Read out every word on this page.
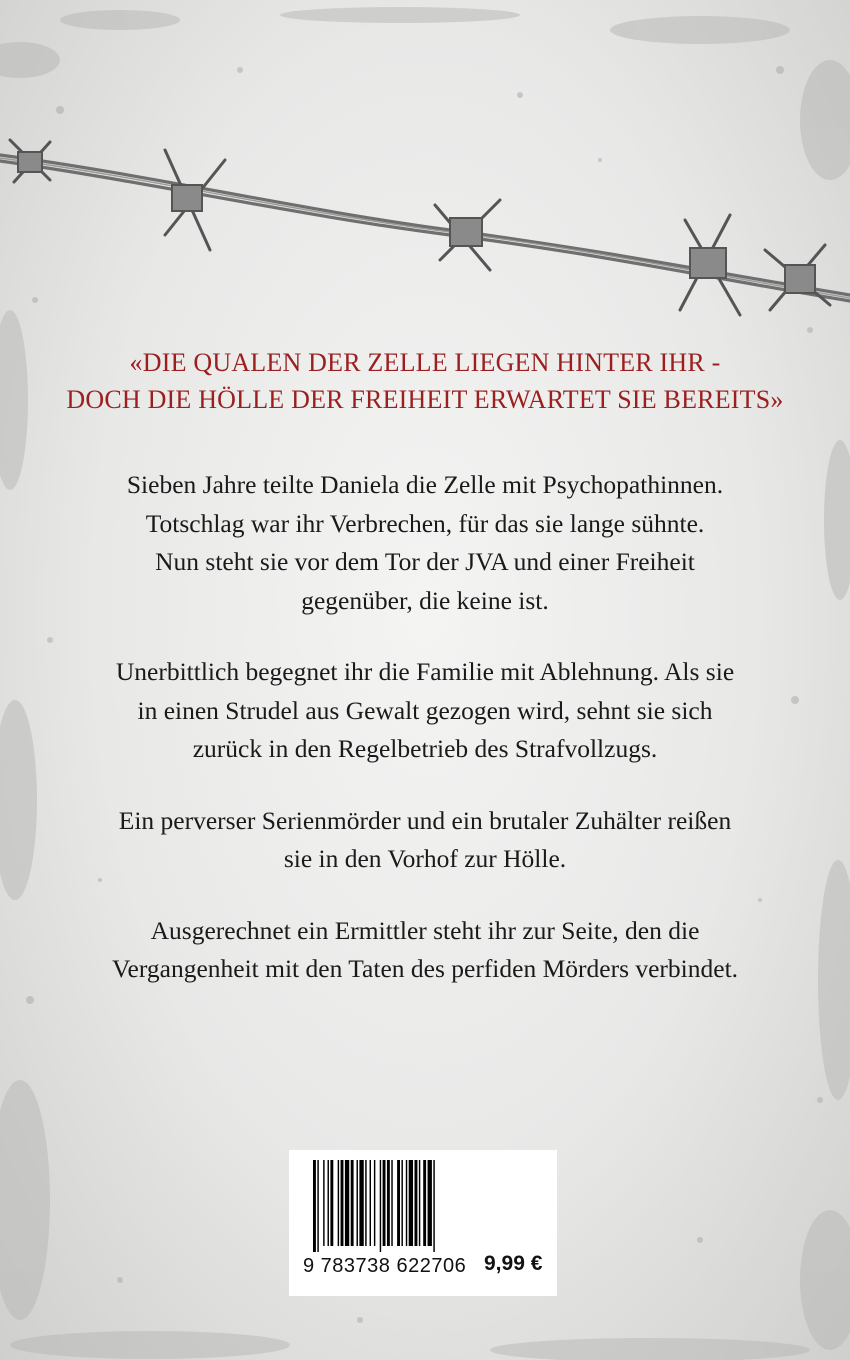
«DIE QUALEN DER ZELLE LIEGEN HINTER IHR -
DOCH DIE HÖLLE DER FREIHEIT ERWARTET SIE BEREITS»
Sieben Jahre teilte Daniela die Zelle mit Psychopathinnen.
Totschlag war ihr Verbrechen, für das sie lange sühnte.
Nun steht sie vor dem Tor der JVA und einer Freiheit
gegenüber, die keine ist.
Unerbittlich begegnet ihr die Familie mit Ablehnung. Als sie
in einen Strudel aus Gewalt gezogen wird, sehnt sie sich
zurück in den Regelbetrieb des Strafvollzugs.
Ein perverser Serienmörder und ein brutaler Zuhälter reißen
sie in den Vorhof zur Hölle.
Ausgerechnet ein Ermittler steht ihr zur Seite, den die
Vergangenheit mit den Taten des perfiden Mörders verbindet.
9 783738 622706 9,99 €
